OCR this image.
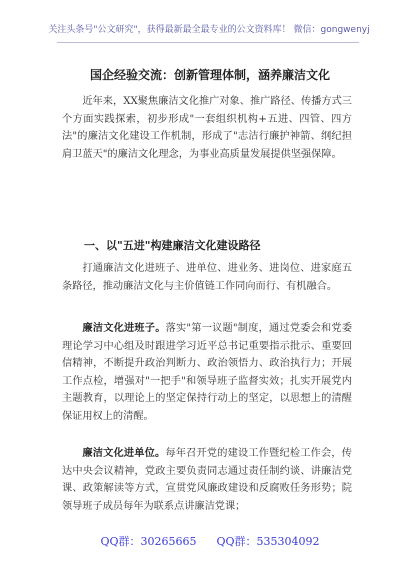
关注头条号"公文研究"，获得最新最全最专业的公文资料库！ 微信：gongwenyj
国企经验交流：创新管理体制，涵养廉洁文化
近年来，XX聚焦廉洁文化推广对象、推广路径、传播方式三个方面实践探索，初步形成"一套组织机构+五进、四管、四方法"的廉洁文化建设工作机制，形成了"志洁行廉护神箭、纲纪担肩卫蓝天"的廉洁文化理念，为事业高质量发展提供坚强保障。
一、以"五进"构建廉洁文化建设路径
打通廉洁文化进班子、进单位、进业务、进岗位、进家庭五条路径，推动廉洁文化与主价值链工作同向而行、有机融合。
廉洁文化进班子。落实"第一议题"制度，通过党委会和党委理论学习中心组及时跟进学习近平总书记重要指示批示、重要回信精神，不断提升政治判断力、政治领悟力、政治执行力；开展工作点检，增强对"一把手"和领导班子监督实效；扎实开展党内主题教育，以理论上的坚定保持行动上的坚定，以思想上的清醒保证用权上的清醒。
廉洁文化进单位。每年召开党的建设工作暨纪检工作会，传达中央会议精神，党政主要负责同志通过责任制约谈、讲廉洁党课、政策解读等方式，宣贯党风廉政建设和反腐败任务形势；院领导班子成员每年为联系点讲廉洁党课；
QQ群：30265665 QQ群：535304092
